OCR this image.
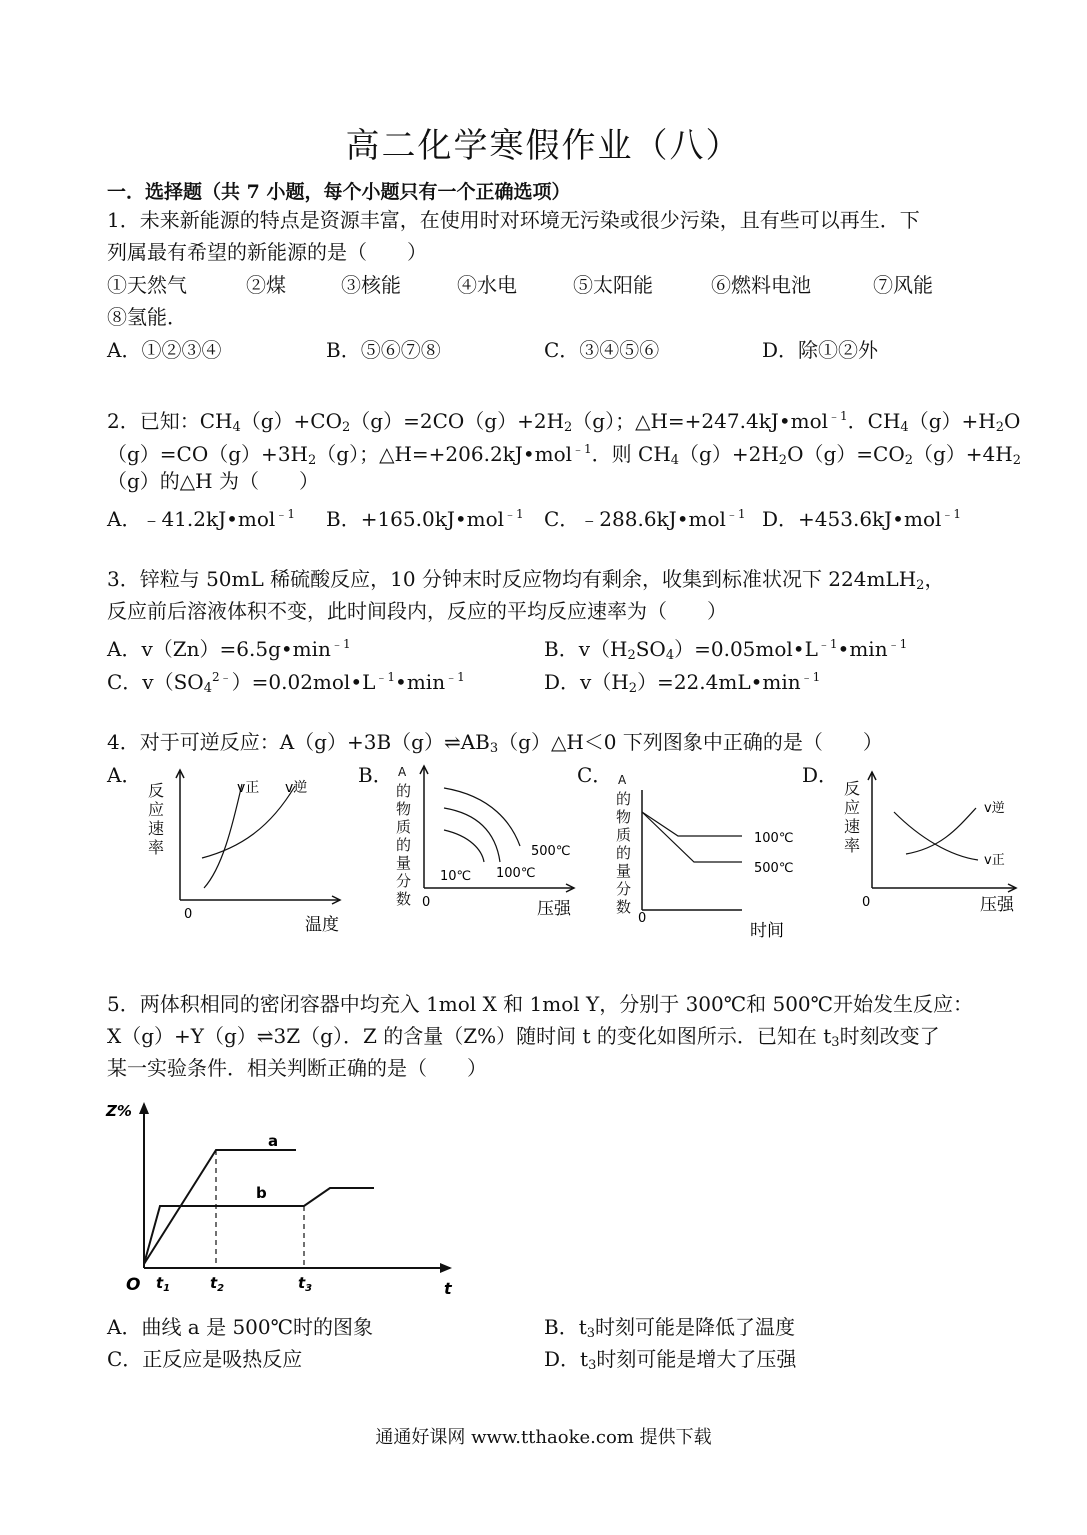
高二化学寒假作业（八）
一．选择题（共 7 小题，每个小题只有一个正确选项）
1．未来新能源的特点是资源丰富，在使用时对环境无污染或很少污染，且有些可以再生．下
列属最有希望的新能源的是（　　）
①天然气	②煤	③核能	④水电	⑤太阳能	⑥燃料电池	⑦风能
⑧氢能．
A．①②③④	B．⑤⑥⑦⑧	C．③④⑤⑥	D．除①②外
2．已知：$CH_4(g)+CO_2(g)=2CO(g)+2H_2(g)$；△H=+247.4kJ•mol$^{﹣1}$．$CH_4(g)+H_2O$
$(g)=CO(g)+3H_2(g)$；△H=+206.2kJ•mol$^{﹣1}$．则 $CH_4(g)+2H_2O(g)=CO_2(g)+4H_2$
（g）的△H 为（　　）
A．﹣41.2kJ•mol$^{﹣1}$ B．+165.0kJ•mol$^{﹣1}$ C．﹣288.6kJ•mol$^{﹣1}$ D．+453.6kJ•mol$^{﹣1}$
3．锌粒与 50mL 稀硫酸反应，10 分钟末时反应物均有剩余，收集到标准状况下 224mLH$_2$，
反应前后溶液体积不变，此时间段内，反应的平均反应速率为（　　）
A．$v(Zn)=6.5g•\min^{﹣1}$	B．$v(H_2SO_4)=0.05mol•L^{﹣1}•\min^{﹣1}$
C．$v(SO_4^{2﹣})=0.02mol•L^{﹣1}•\min^{﹣1}$	D．$v(H_2)=22.4mL•\min^{﹣1}$
4．对于可逆反应：$A(g)+3B(g)\rightleftharpoons AB_3(g)\triangle H<0$ 下列图象中正确的是（　　）
A．	B．	C．	D．
反
应
速
率
v正 v逆
0
温度
A
的
物
质
的
量
分
数
500℃
100℃
10℃
0	压强
A
的
物
质
的
量
分
数
100℃
500℃
0
时间
反
应
速
率
v逆
v正
0	压强
5．两体积相同的密闭容器中均充入 1mol X 和 1mol Y，分别于 300℃和 500℃开始发生反应：
X（g）+Y（g）⇌3Z（g）．Z 的含量（Z%）随时间 t 的变化如图所示．已知在 $t_3$时刻改变了
某一实验条件．相关判断正确的是（　　）
Z%
a
b
O $t_1$	$t_2$	$t_3$	t
A．曲线 a 是 500℃时的图象	B．$t_3$时刻可能是降低了温度
C．正反应是吸热反应	D．$t_3$时刻可能是增大了压强
通通好课网 www.tthaoke.com 提供下载
